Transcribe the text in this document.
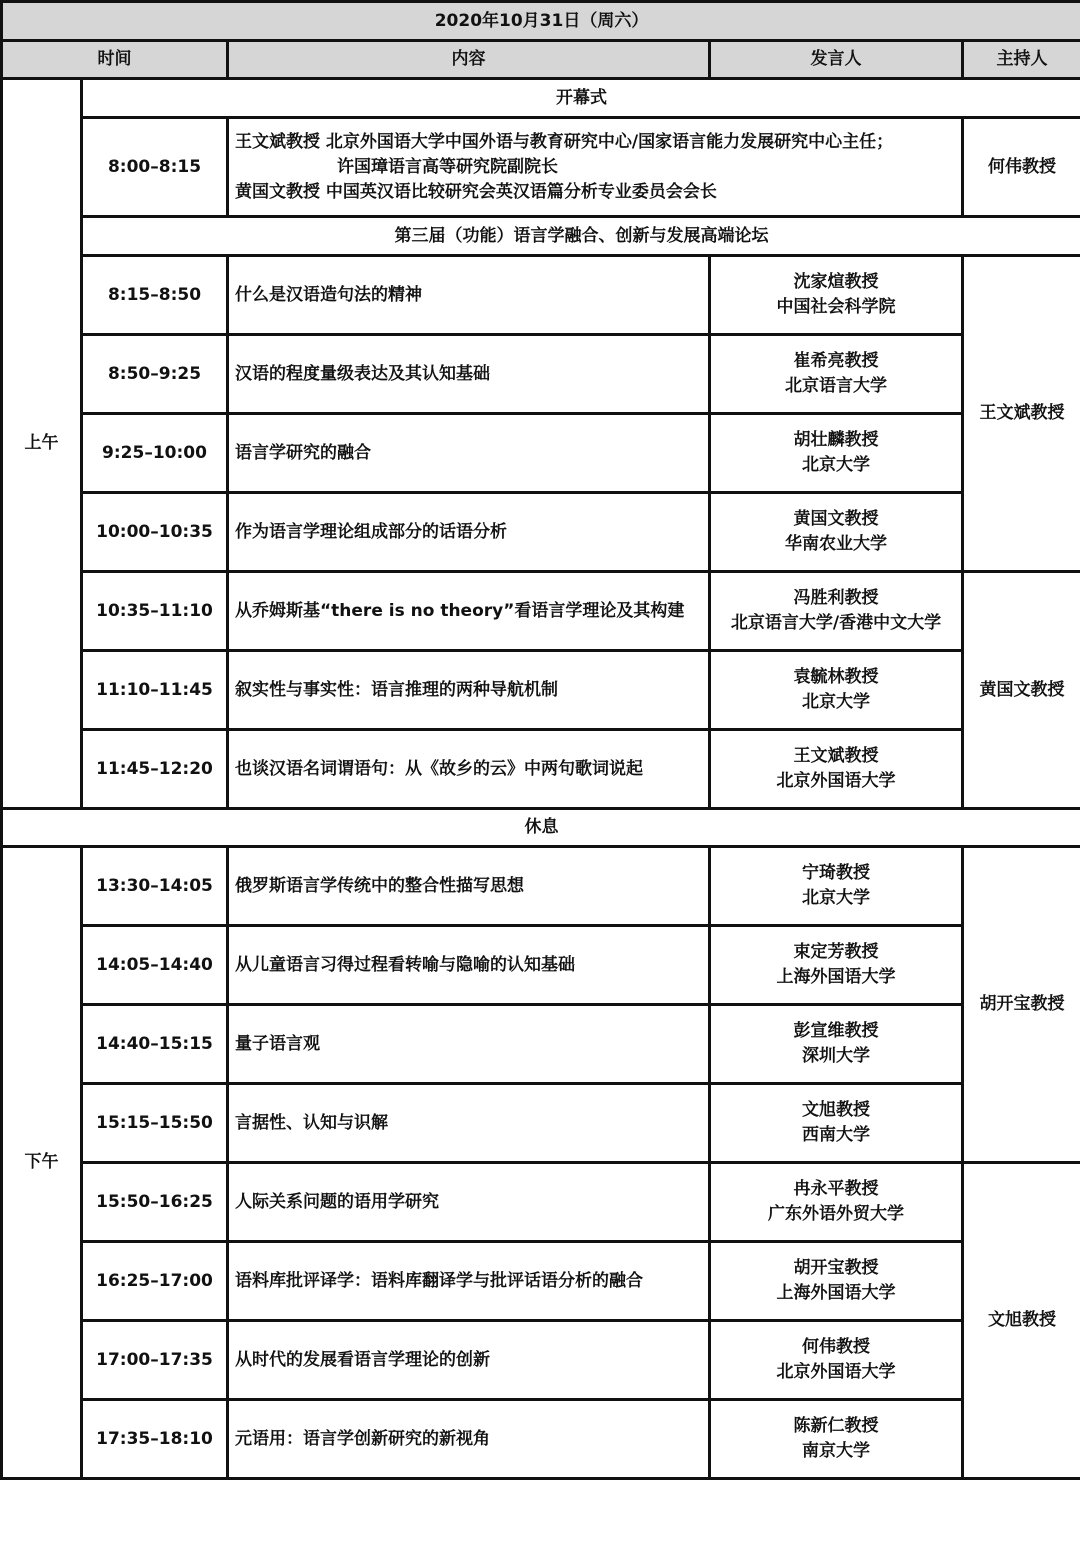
2020年10月31日（周六）				
时间		内容	发言人	主持人
上午	开幕式			
	8:00–8:15	王文斌教授 北京外国语大学中国外语与教育研究中心/国家语言能力发展研究中心主任；
许国璋语言高等研究院副院长
黄国文教授 中国英汉语比较研究会英汉语篇分析专业委员会会长		何伟教授
	第三届（功能）语言学融合、创新与发展高端论坛			
	8:15–8:50	什么是汉语造句法的精神	沈家煊教授
中国社会科学院	王文斌教授
	8:50–9:25	汉语的程度量级表达及其认知基础	崔希亮教授
北京语言大学	

	9:25–10:00	语言学研究的融合	胡壮麟教授
北京大学	

	10:00–10:35	作为语言学理论组成部分的话语分析	黄国文教授
华南农业大学	

	10:35–11:10	从乔姆斯基“there is no theory”看语言学理论及其构建	冯胜利教授
北京语言大学/香港中文大学	黄国文教授
	11:10–11:45	叙实性与事实性：语言推理的两种导航机制	袁毓林教授
北京大学	

	11:45–12:20	也谈汉语名词谓语句：从《故乡的云》中两句歌词说起	王文斌教授
北京外国语大学	

休息				
下午	13:30–14:05	俄罗斯语言学传统中的整合性描写思想	宁琦教授
北京大学	胡开宝教授
	14:05–14:40	从儿童语言习得过程看转喻与隐喻的认知基础	束定芳教授
上海外国语大学	

	14:40–15:15	量子语言观	彭宣维教授
深圳大学	

	15:15–15:50	言据性、认知与识解	文旭教授
西南大学	

	15:50–16:25	人际关系问题的语用学研究	冉永平教授
广东外语外贸大学	文旭教授
	16:25–17:00	语料库批评译学：语料库翻译学与批评话语分析的融合	胡开宝教授
上海外国语大学	

	17:00–17:35	从时代的发展看语言学理论的创新	何伟教授
北京外国语大学	

	17:35–18:10	元语用：语言学创新研究的新视角	陈新仁教授
南京大学	
